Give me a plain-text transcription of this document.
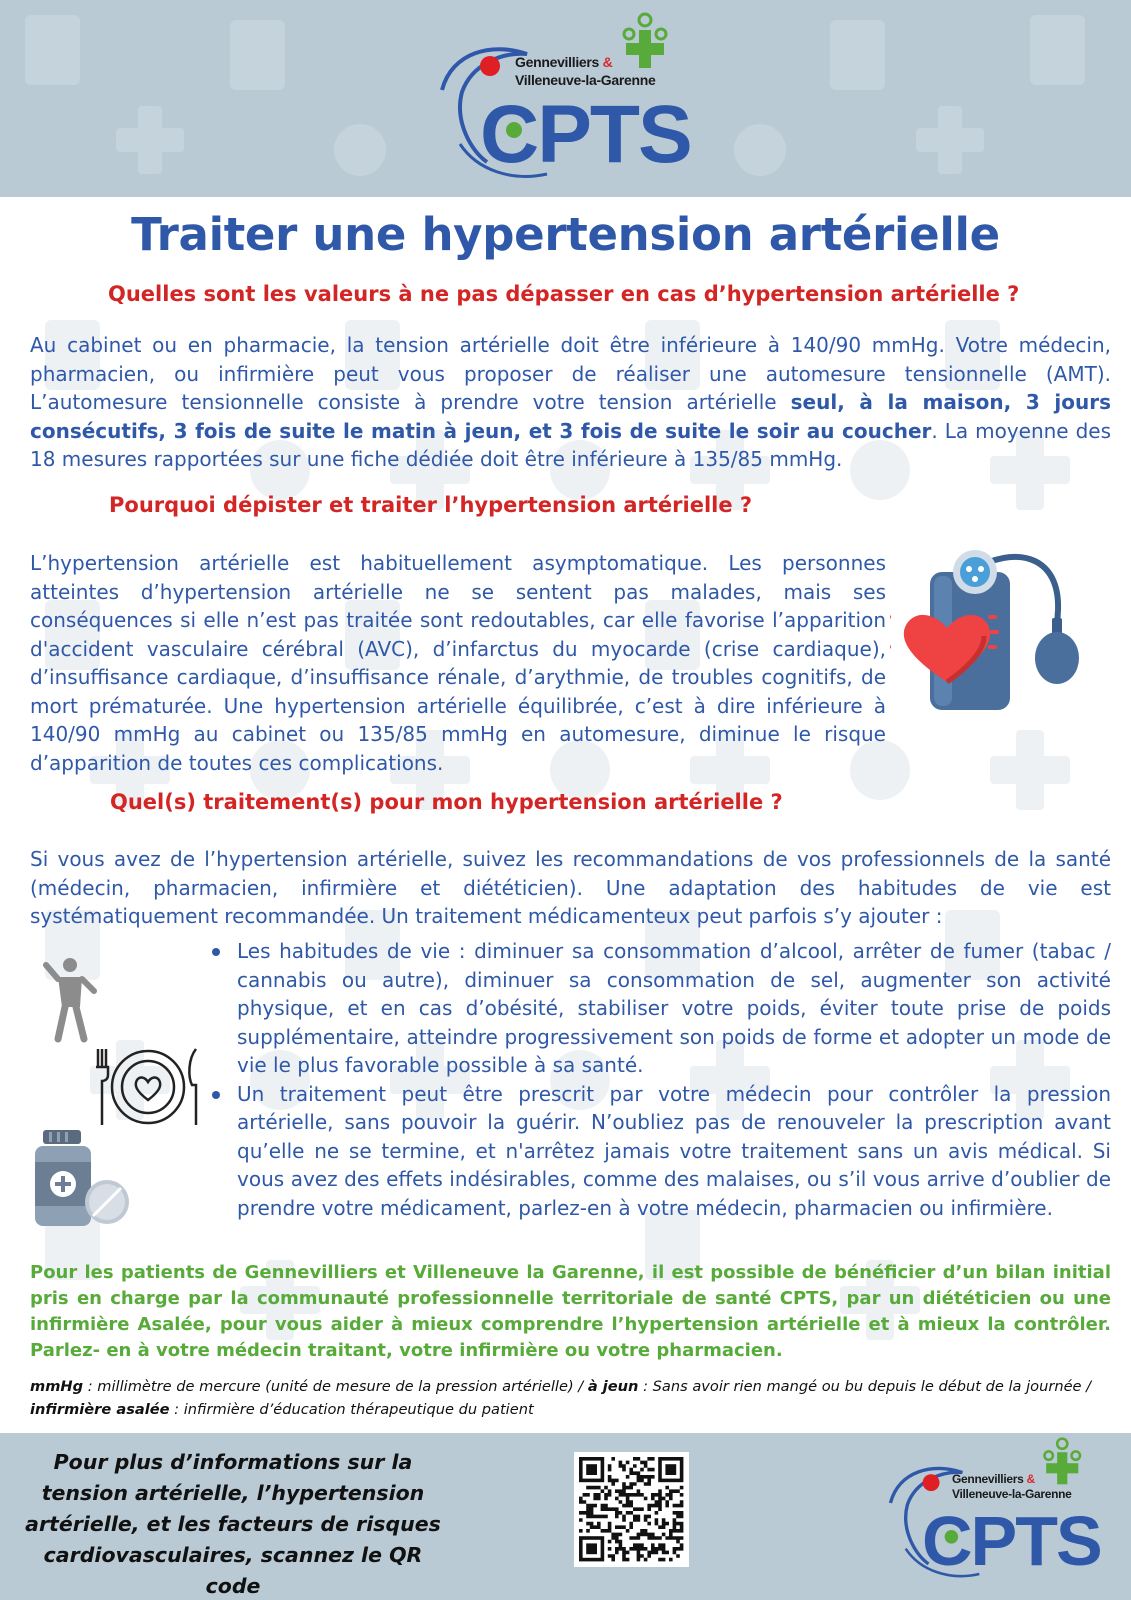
Gennevilliers &
Villeneuve-la-Garenne
CPTS
Traiter une hypertension artérielle
Quelles sont les valeurs à ne pas dépasser en cas d’hypertension artérielle ?

Au cabinet ou en pharmacie, la tension artérielle doit être inférieure à 140/90 mmHg. Votre médecin, pharmacien, ou infirmière peut vous proposer de réaliser une automesure tensionnelle (AMT). L’automesure tensionnelle consiste à prendre votre tension artérielle seul, à la maison, 3 jours consécutifs, 3 fois de suite le matin à jeun, et 3 fois de suite le soir au coucher. La moyenne des 18 mesures rapportées sur une fiche dédiée doit être inférieure à 135/85 mmHg.

Pourquoi dépister et traiter l’hypertension artérielle ?

L’hypertension artérielle est habituellement asymptomatique. Les personnes atteintes d’hypertension artérielle ne se sentent pas malades, mais ses conséquences si elle n’est pas traitée sont redoutables, car elle favorise l’apparition d'accident vasculaire cérébral (AVC), d’infarctus du myocarde (crise cardiaque), d’insuffisance cardiaque, d’insuffisance rénale, d’arythmie, de troubles cognitifs, de mort prématurée. Une hypertension artérielle équilibrée, c’est à dire inférieure à 140/90 mmHg au cabinet ou 135/85 mmHg en automesure, diminue le risque d’apparition de toutes ces complications.

Quel(s) traitement(s) pour mon hypertension artérielle ?

Si vous avez de l’hypertension artérielle, suivez les recommandations de vos professionnels de la santé (médecin, pharmacien, infirmière et diététicien). Une adaptation des habitudes de vie est systématiquement recommandée. Un traitement médicamenteux peut parfois s’y ajouter :

Les habitudes de vie : diminuer sa consommation d’alcool, arrêter de fumer (tabac / cannabis ou autre), diminuer sa consommation de sel, augmenter son activité physique, et en cas d’obésité, stabiliser votre poids, éviter toute prise de poids supplémentaire, atteindre progressivement son poids de forme et adopter un mode de vie le plus favorable possible à sa santé.
Un traitement peut être prescrit par votre médecin pour contrôler la pression artérielle, sans pouvoir la guérir. N’oubliez pas de renouveler la prescription avant qu’elle ne se termine, et n'arrêtez jamais votre traitement sans un avis médical. Si vous avez des effets indésirables, comme des malaises, ou s’il vous arrive d’oublier de prendre votre médicament, parlez-en à votre médecin, pharmacien ou infirmière.

Pour les patients de Gennevilliers et Villeneuve la Garenne, il est possible de bénéficier d’un bilan initial pris en charge par la communauté professionnelle territoriale de santé CPTS, par un diététicien ou une infirmière Asalée, pour vous aider à mieux comprendre l’hypertension artérielle et à mieux la contrôler. Parlez- en à votre médecin traitant, votre infirmière ou votre pharmacien.

mmHg : millimètre de mercure (unité de mesure de la pression artérielle) / à jeun : Sans avoir rien mangé ou bu depuis le début de la journée / infirmière asalée : infirmière d’éducation thérapeutique du patient

Pour plus d’informations sur la tension artérielle, l’hypertension artérielle, et les facteurs de risques cardiovasculaires, scannez le QR code

Gennevilliers &
Villeneuve-la-Garenne
CPTS
